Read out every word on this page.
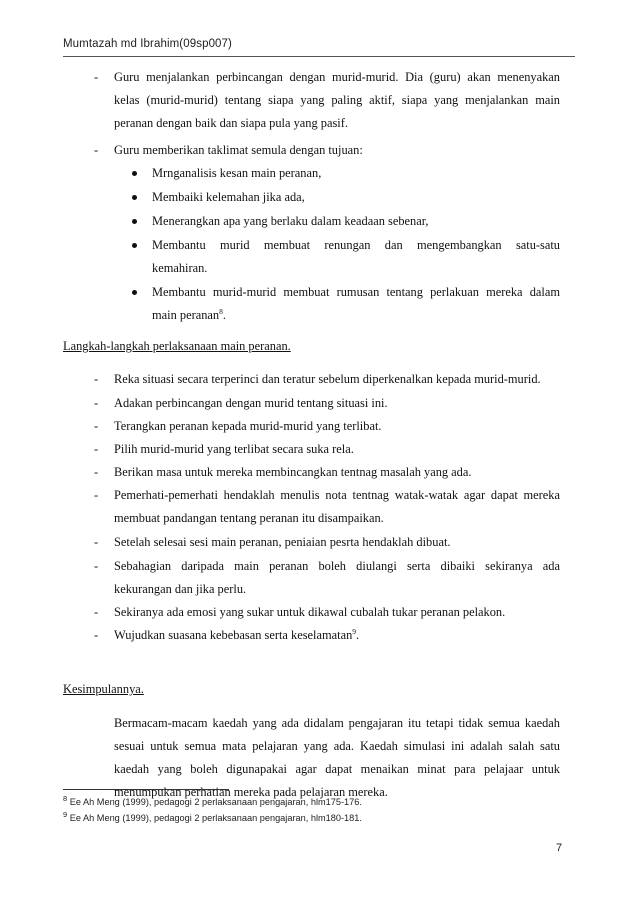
Mumtazah md Ibrahim(09sp007)
- Guru menjalankan perbincangan dengan murid-murid. Dia (guru) akan menenyakan
kelas (murid-murid) tentang siapa yang paling aktif, siapa yang menjalankan main
peranan dengan baik dan siapa pula yang pasif.
- Guru memberikan taklimat semula dengan tujuan:
Mrnganalisis kesan main peranan,
Membaiki kelemahan jika ada,
Menerangkan apa yang berlaku dalam keadaan sebenar,
Membantu murid membuat renungan dan mengembangkan satu-satu
kemahiran.
Membantu murid-murid membuat rumusan tentang perlakuan mereka dalam
main peranan$^8$.
Langkah-langkah perlaksanaan main peranan.
- Reka situasi secara terperinci dan teratur sebelum diperkenalkan kepada murid-murid.
- Adakan perbincangan dengan murid tentang situasi ini.
- Terangkan peranan kepada murid-murid yang terlibat.
- Pilih murid-murid yang terlibat secara suka rela.
- Berikan masa untuk mereka membincangkan tentnag masalah yang ada.
- Pemerhati-pemerhati hendaklah menulis nota tentnag watak-watak agar dapat mereka
membuat pandangan tentang peranan itu disampaikan.
- Setelah selesai sesi main peranan, peniaian pesrta hendaklah dibuat.
- Sebahagian daripada main peranan boleh diulangi serta dibaiki sekiranya ada
kekurangan dan jika perlu.
- Sekiranya ada emosi yang sukar untuk dikawal cubalah tukar peranan pelakon.
- Wujudkan suasana kebebasan serta keselamatan$^9$.
Kesimpulannya.
Bermacam-macam kaedah yang ada didalam pengajaran itu tetapi tidak semua kaedah
sesuai untuk semua mata pelajaran yang ada. Kaedah simulasi ini adalah salah satu
kaedah yang boleh digunapakai agar dapat menaikan minat para pelajaar untuk
menumpukan perhatian mereka pada pelajaran mereka.
$^8$ Ee Ah Meng (1999), pedagogi 2 perlaksanaan pengajaran, hlm175-176.
$^9$ Ee Ah Meng (1999), pedagogi 2 perlaksanaan pengajaran, hlm180-181.
7
